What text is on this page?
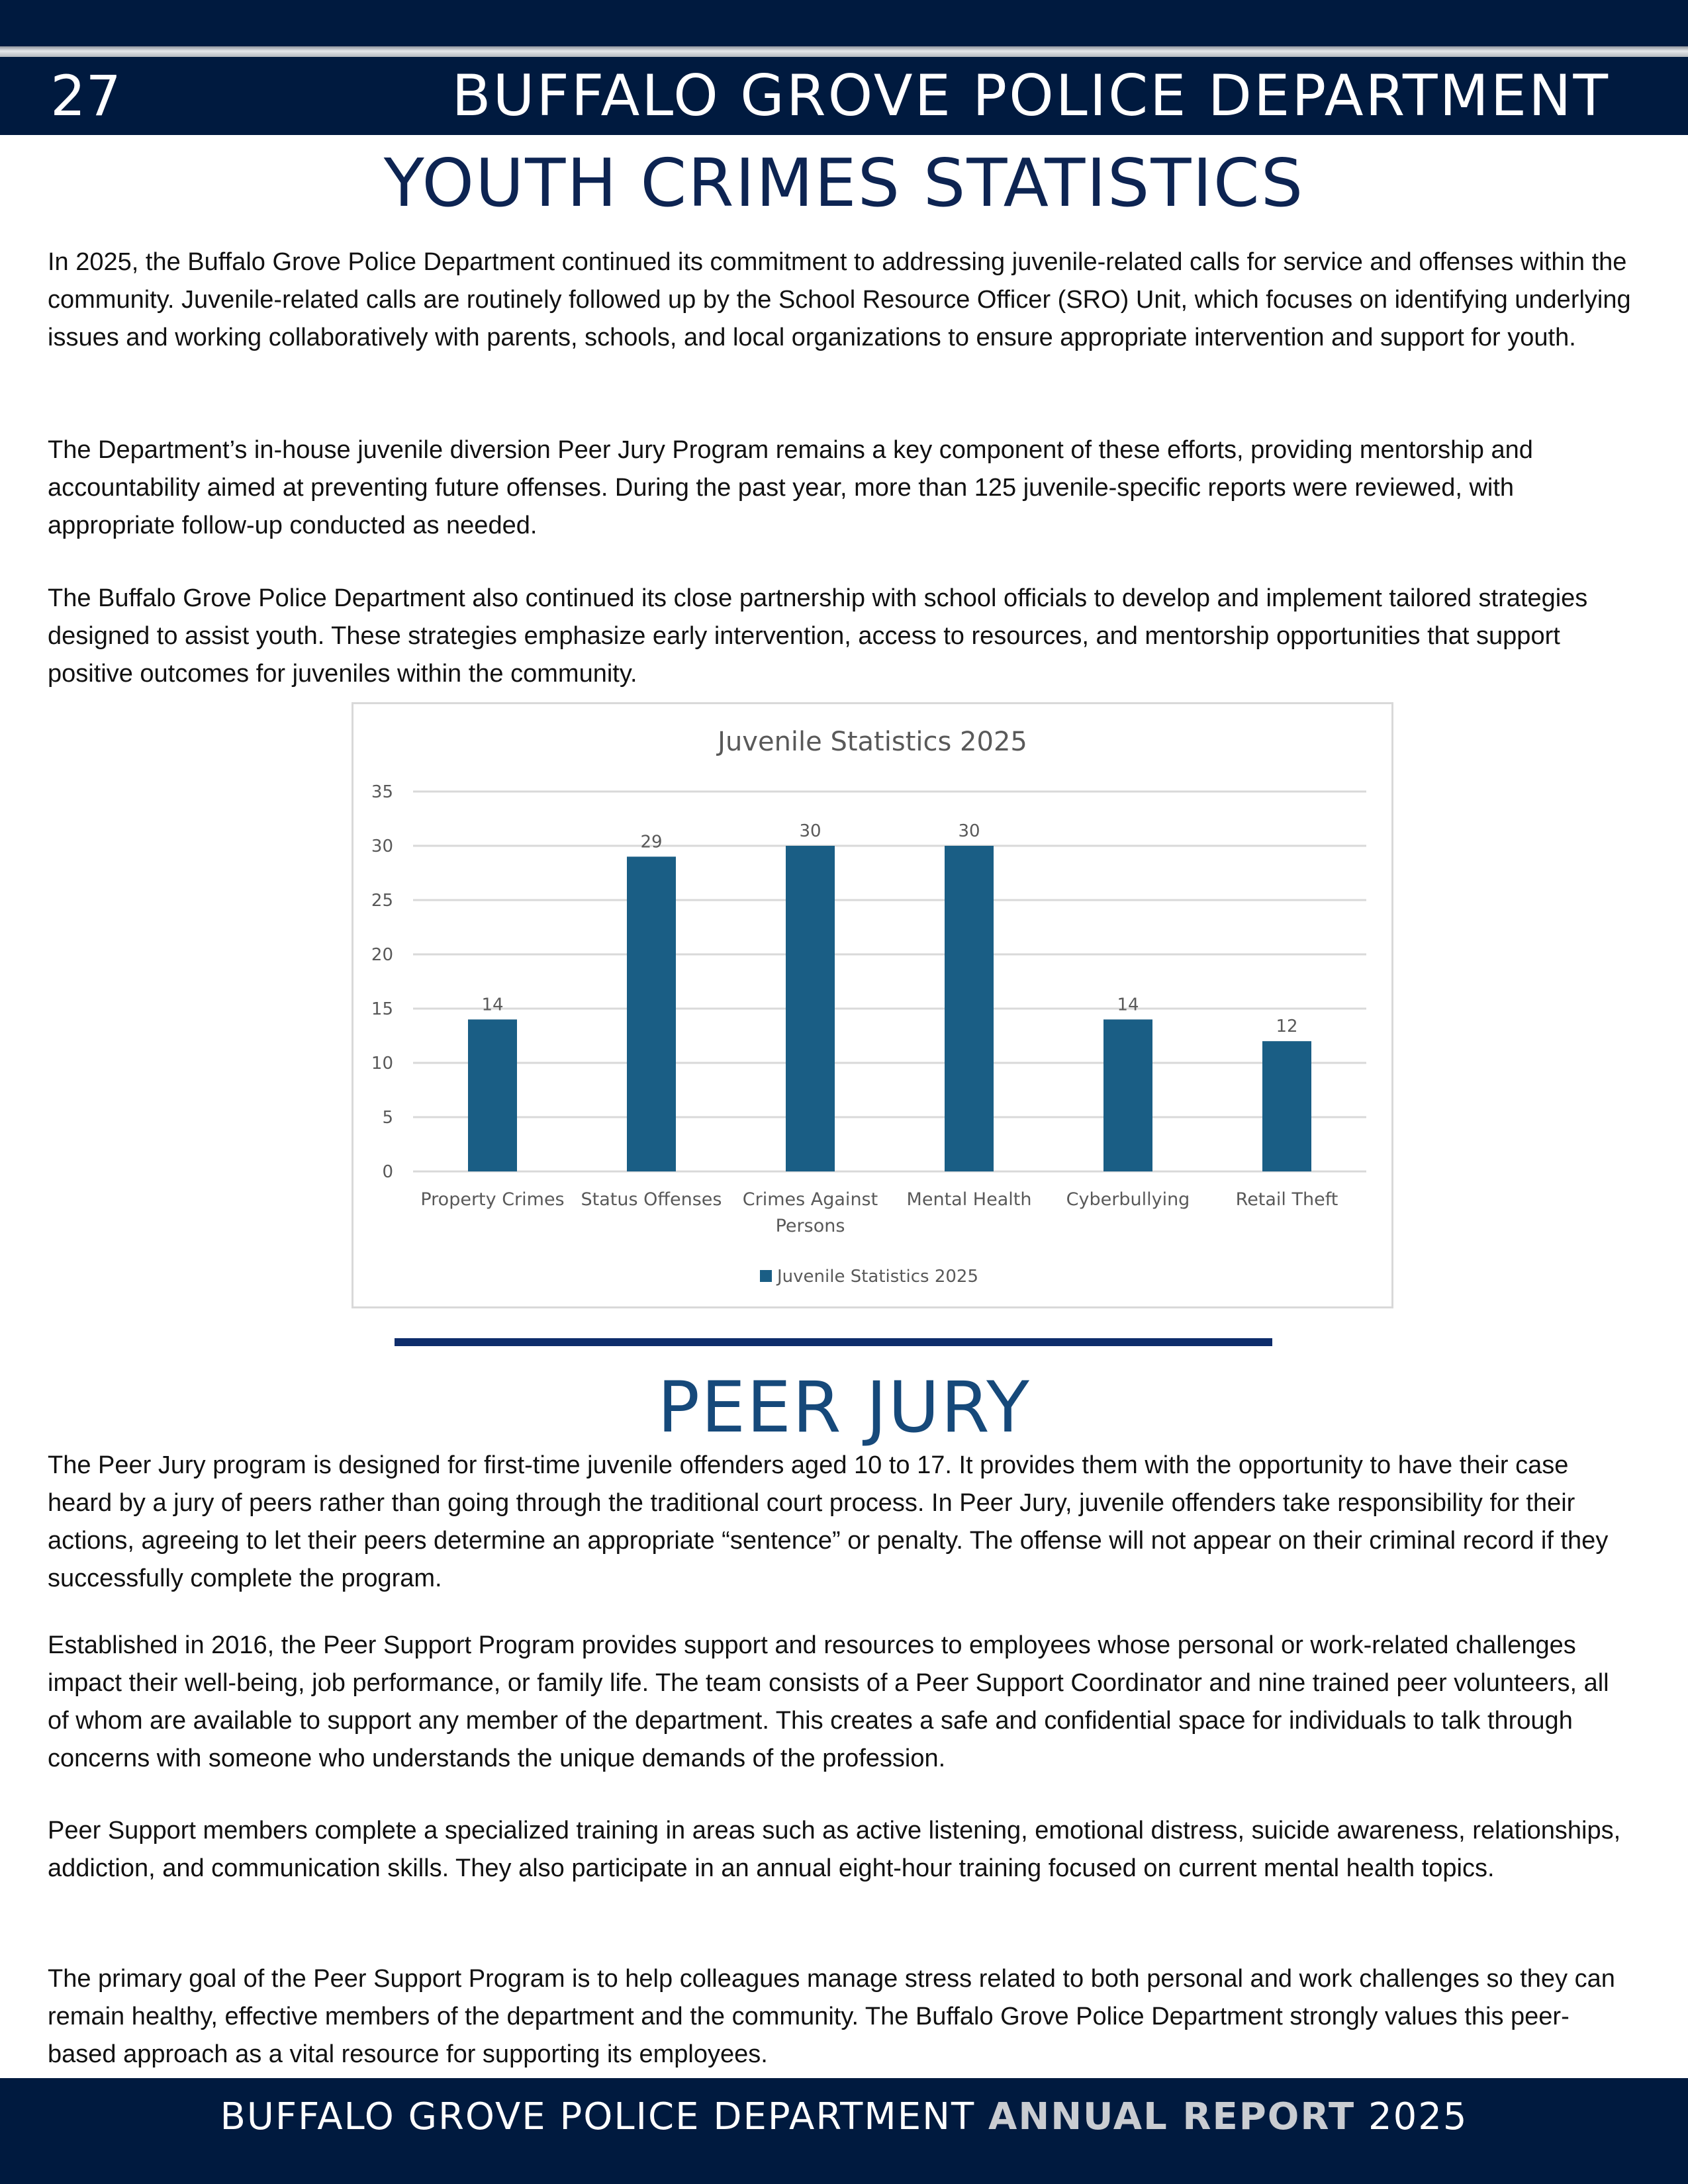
27	BUFFALO GROVE POLICE DEPARTMENT
YOUTH CRIMES STATISTICS

In 2025, the Buffalo Grove Police Department continued its commitment to addressing juvenile-related calls for service and offenses within the community. Juvenile-related calls are routinely followed up by the School Resource Officer (SRO) Unit, which focuses on identifying underlying issues and working collaboratively with parents, schools, and local organizations to ensure appropriate intervention and support for youth.

The Department’s in-house juvenile diversion Peer Jury Program remains a key component of these efforts, providing mentorship and accountability aimed at preventing future offenses. During the past year, more than 125 juvenile-specific reports were reviewed, with appropriate follow-up conducted as needed.

The Buffalo Grove Police Department also continued its close partnership with school officials to develop and implement tailored strategies designed to assist youth. These strategies emphasize early intervention, access to resources, and mentorship opportunities that support positive outcomes for juveniles within the community.

Juvenile Statistics 2025
0
5
10
15
20
25
30
35
14
Property Crimes
29
Status Offenses
30
Crimes Against
Persons
30
Mental Health
14
Cyberbullying
12
Retail Theft
Juvenile Statistics 2025
PEER JURY

The Peer Jury program is designed for first-time juvenile offenders aged 10 to 17. It provides them with the opportunity to have their case heard by a jury of peers rather than going through the traditional court process. In Peer Jury, juvenile offenders take responsibility for their actions, agreeing to let their peers determine an appropriate “sentence” or penalty. The offense will not appear on their criminal record if they successfully complete the program.

Established in 2016, the Peer Support Program provides support and resources to employees whose personal or work-related challenges impact their well-being, job performance, or family life. The team consists of a Peer Support Coordinator and nine trained peer volunteers, all of whom are available to support any member of the department. This creates a safe and confidential space for individuals to talk through concerns with someone who understands the unique demands of the profession.

Peer Support members complete a specialized training in areas such as active listening, emotional distress, suicide awareness, relationships, addiction, and communication skills. They also participate in an annual eight-hour training focused on current mental health topics.

The primary goal of the Peer Support Program is to help colleagues manage stress related to both personal and work challenges so they can remain healthy, effective members of the department and the community. The Buffalo Grove Police Department strongly values this peer-based approach as a vital resource for supporting its employees.

BUFFALO GROVE POLICE DEPARTMENT ANNUAL REPORT 2025
